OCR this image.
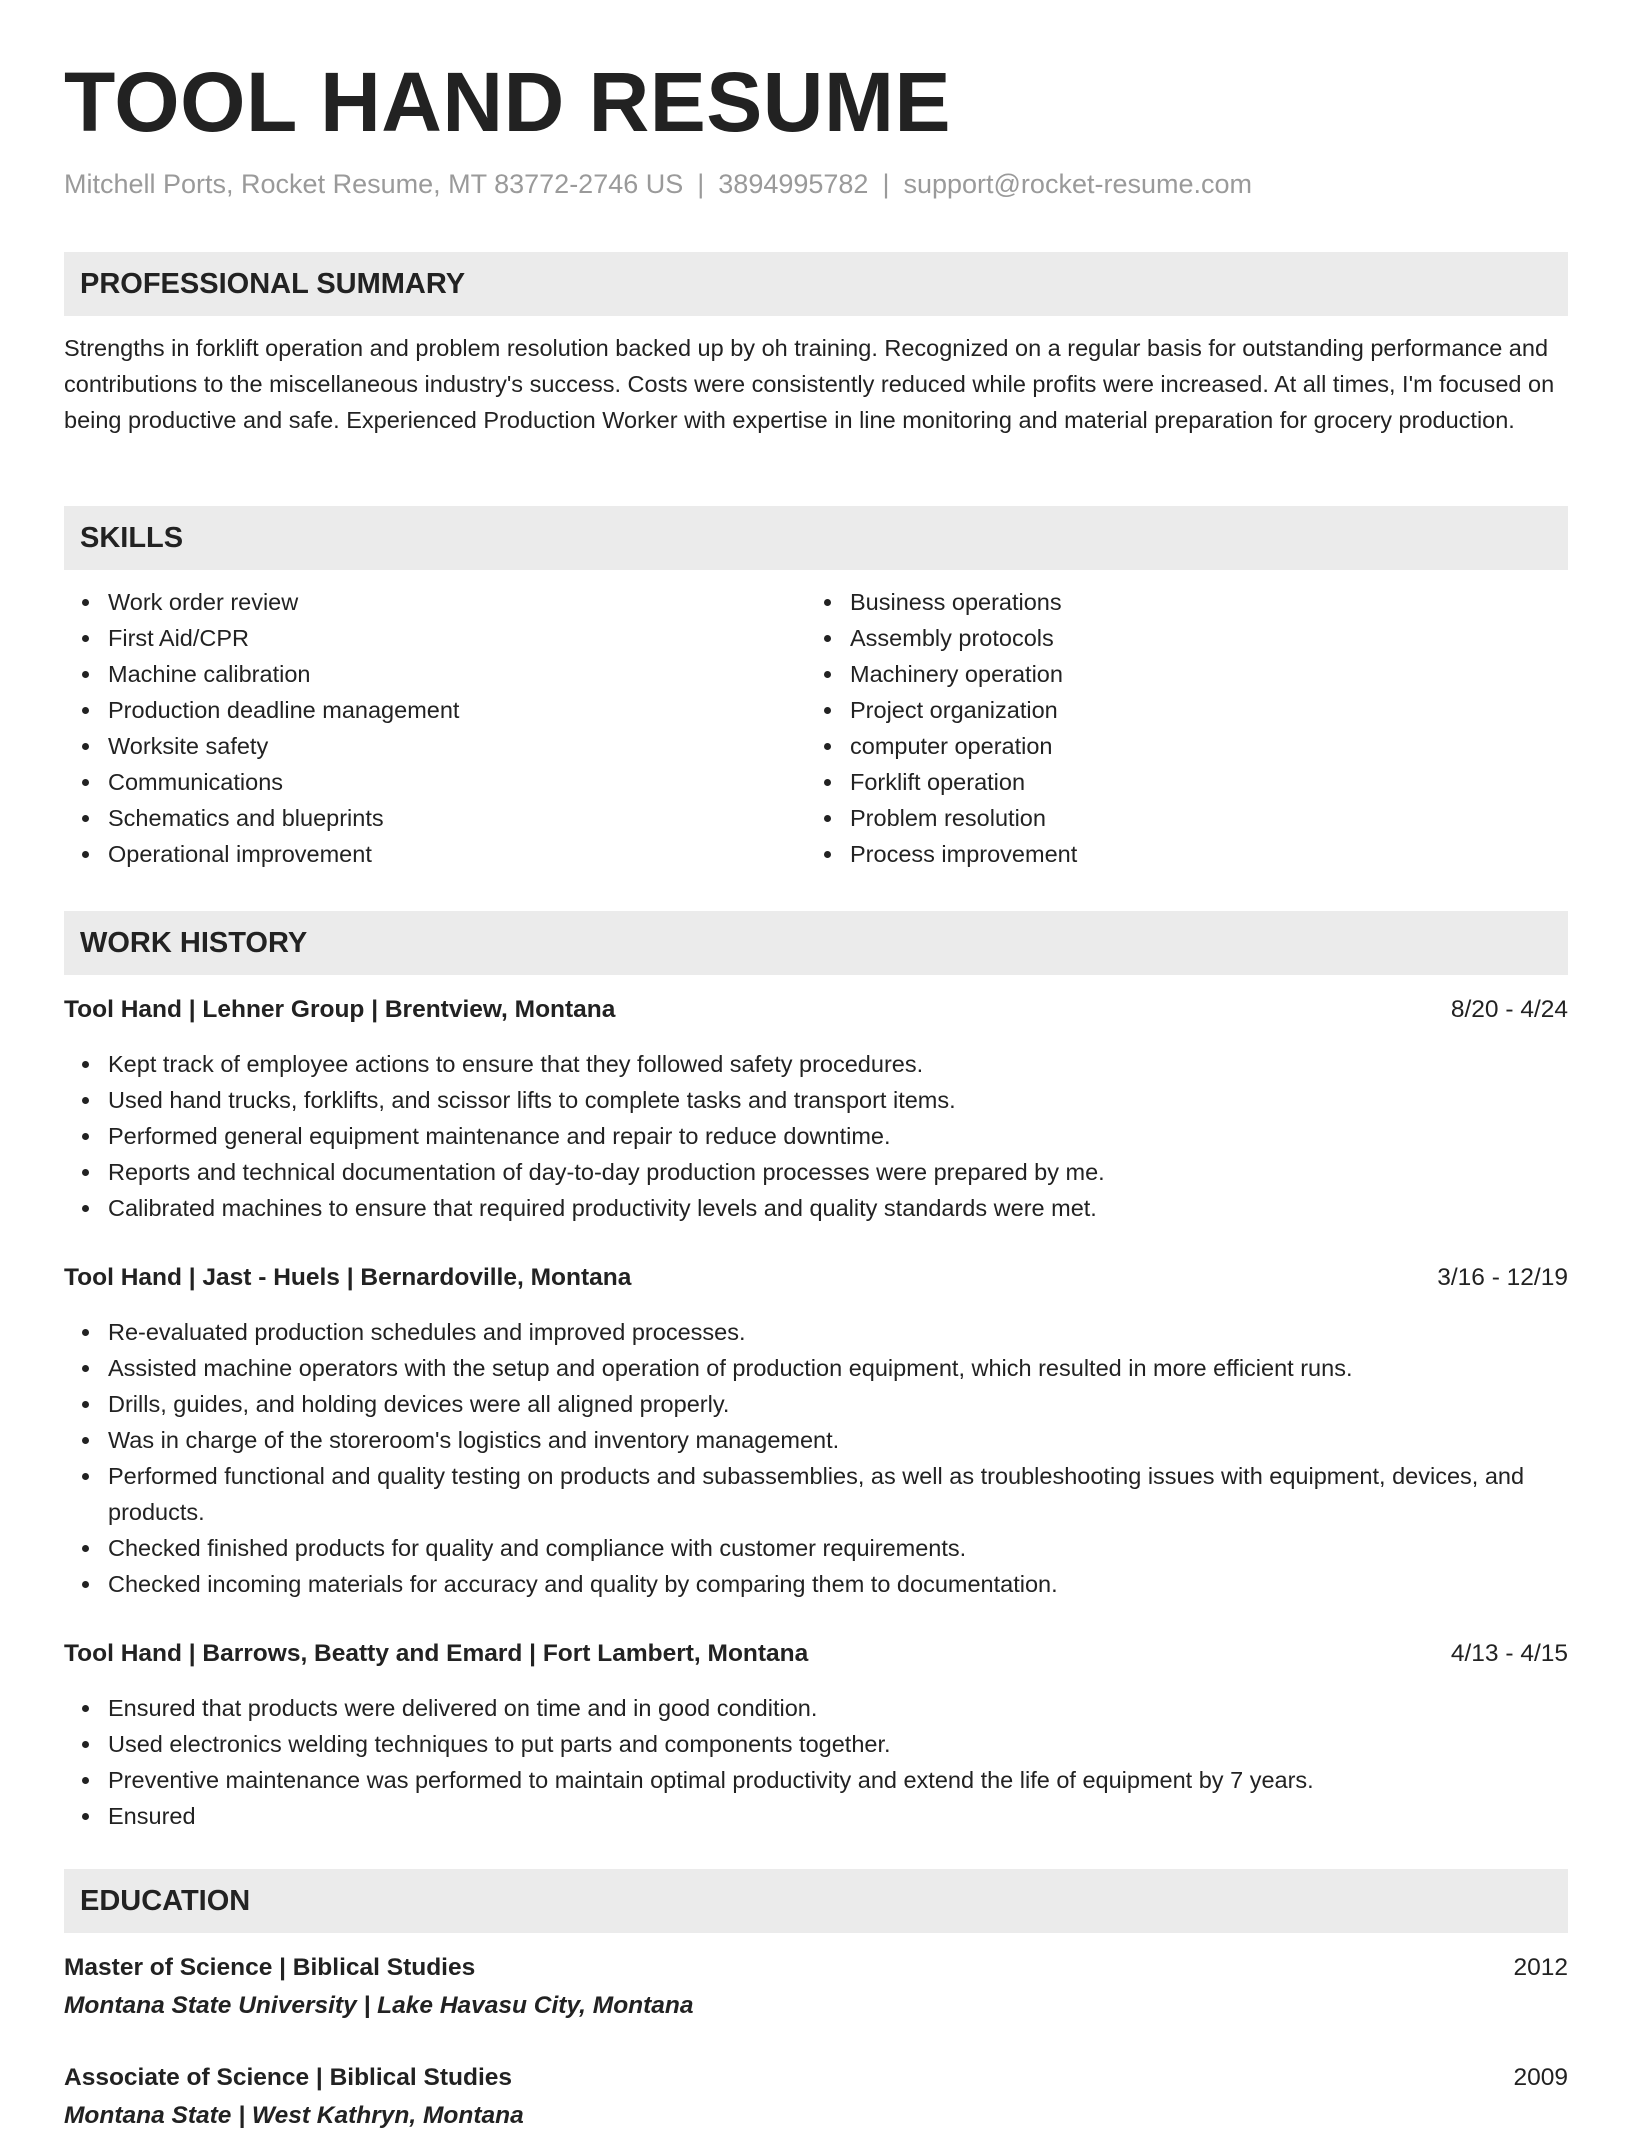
TOOL HAND RESUME
Mitchell Ports, Rocket Resume, MT 83772-2746 US | 3894995782 | support@rocket-resume.com
PROFESSIONAL SUMMARY

Strengths in forklift operation and problem resolution backed up by oh training. Recognized on a regular basis for outstanding performance and contributions to the miscellaneous industry's success. Costs were consistently reduced while profits were increased. At all times, I'm focused on being productive and safe. Experienced Production Worker with expertise in line monitoring and material preparation for grocery production.

SKILLS
Work order review
First Aid/CPR
Machine calibration
Production deadline management
Worksite safety
Communications
Schematics and blueprints
Operational improvement
Business operations
Assembly protocols
Machinery operation
Project organization
computer operation
Forklift operation
Problem resolution
Process improvement
WORK HISTORY
Tool Hand | Lehner Group | Brentview, Montana	8/20 - 4/24
Kept track of employee actions to ensure that they followed safety procedures.
Used hand trucks, forklifts, and scissor lifts to complete tasks and transport items.
Performed general equipment maintenance and repair to reduce downtime.
Reports and technical documentation of day-to-day production processes were prepared by me.
Calibrated machines to ensure that required productivity levels and quality standards were met.
Tool Hand | Jast - Huels | Bernardoville, Montana	3/16 - 12/19
Re-evaluated production schedules and improved processes.
Assisted machine operators with the setup and operation of production equipment, which resulted in more efficient runs.
Drills, guides, and holding devices were all aligned properly.
Was in charge of the storeroom's logistics and inventory management.
Performed functional and quality testing on products and subassemblies, as well as troubleshooting issues with equipment, devices, and products.
Checked finished products for quality and compliance with customer requirements.
Checked incoming materials for accuracy and quality by comparing them to documentation.
Tool Hand | Barrows, Beatty and Emard | Fort Lambert, Montana	4/13 - 4/15
Ensured that products were delivered on time and in good condition.
Used electronics welding techniques to put parts and components together.
Preventive maintenance was performed to maintain optimal productivity and extend the life of equipment by 7 years.
Ensured
EDUCATION
Master of Science | Biblical Studies	2012
Montana State University | Lake Havasu City, Montana
Associate of Science | Biblical Studies	2009
Montana State | West Kathryn, Montana
